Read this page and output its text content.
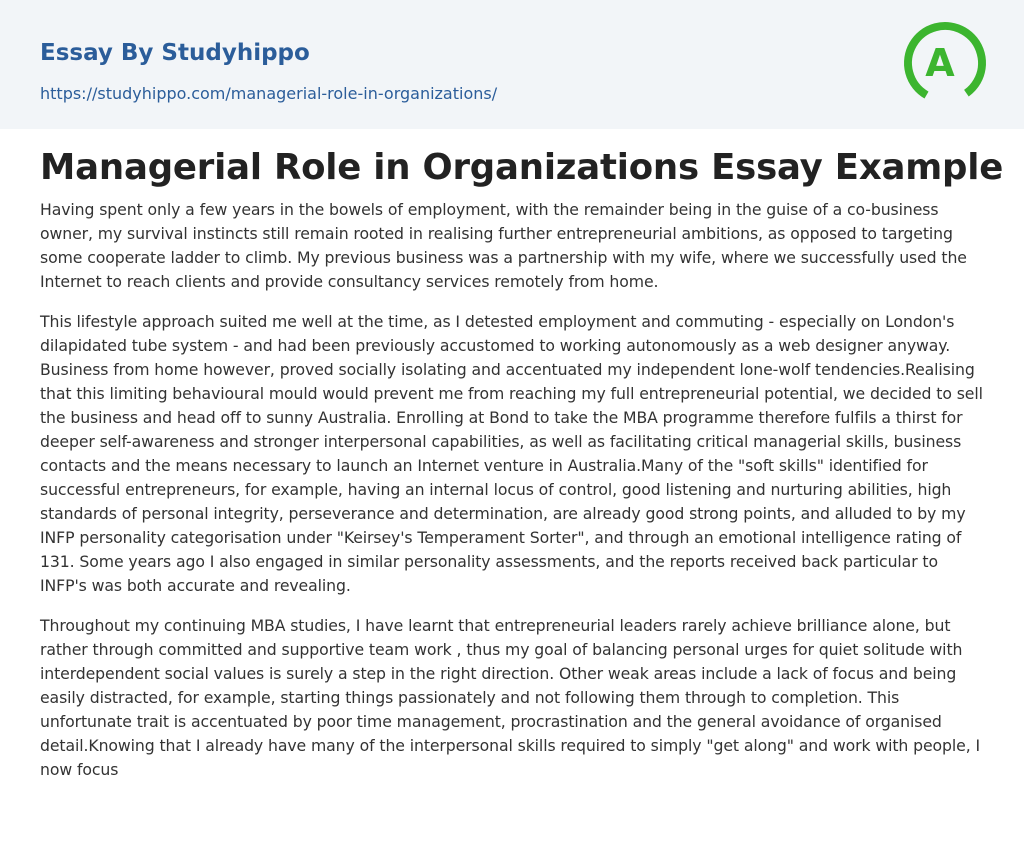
Essay By Studyhippo
https://studyhippo.com/managerial-role-in-organizations/
A
Managerial Role in Organizations Essay Example

Having spent only a few years in the bowels of employment, with the remainder being in the guise of a co-business owner, my survival instincts still remain rooted in realising further entrepreneurial ambitions, as opposed to targeting some cooperate ladder to climb. My previous business was a partnership with my wife, where we successfully used the Internet to reach clients and provide consultancy services remotely from home.

This lifestyle approach suited me well at the time, as I detested employment and commuting - especially on London's dilapidated tube system - and had been previously accustomed to working autonomously as a web designer anyway. Business from home however, proved socially isolating and accentuated my independent lone-wolf tendencies.Realising that this limiting behavioural mould would prevent me from reaching my full entrepreneurial potential, we decided to sell the business and head off to sunny Australia. Enrolling at Bond to take the MBA programme therefore fulfils a thirst for deeper self-awareness and stronger interpersonal capabilities, as well as facilitating critical managerial skills, business contacts and the means necessary to launch an Internet venture in Australia.Many of the "soft skills" identified for successful entrepreneurs, for example, having an internal locus of control, good listening and nurturing abilities, high standards of personal integrity, perseverance and determination, are already good strong points, and alluded to by my INFP personality categorisation under "Keirsey's Temperament Sorter", and through an emotional intelligence rating of 131. Some years ago I also engaged in similar personality assessments, and the reports received back particular to INFP's was both accurate and revealing.

Throughout my continuing MBA studies, I have learnt that entrepreneurial leaders rarely achieve brilliance alone, but rather through committed and supportive team work , thus my goal of balancing personal urges for quiet solitude with interdependent social values is surely a step in the right direction. Other weak areas include a lack of focus and being easily distracted, for example, starting things passionately and not following them through to completion. This unfortunate trait is accentuated by poor time management, procrastination and the general avoidance of organised detail.Knowing that I already have many of the interpersonal skills required to simply "get along" and work with people, I now focus
